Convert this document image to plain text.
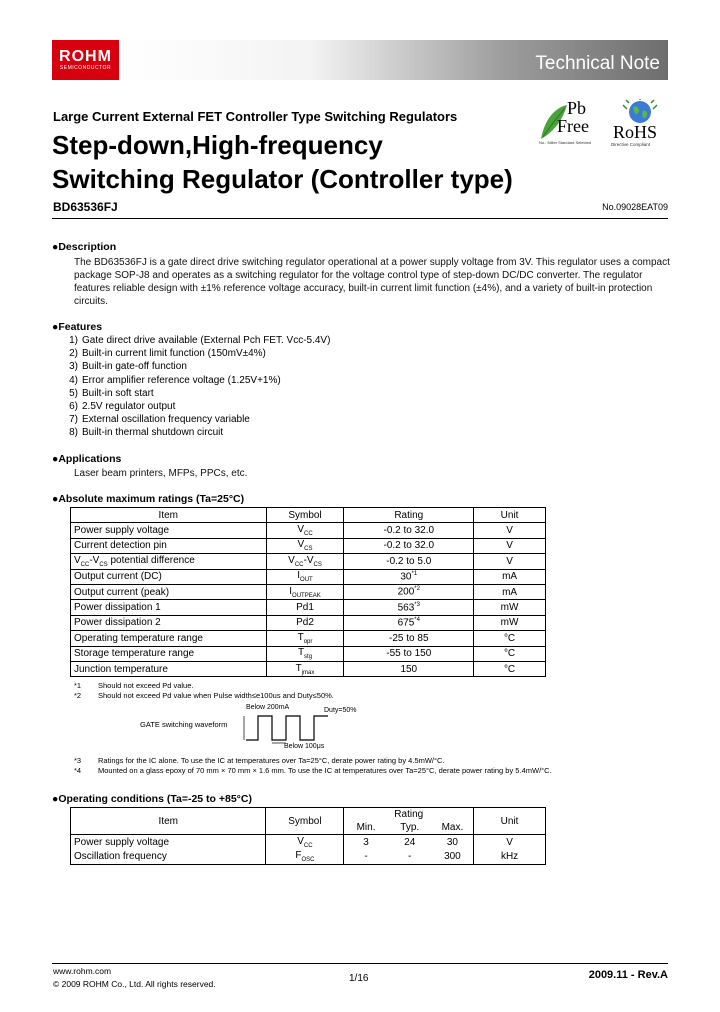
ROHM
SEMICONDUCTOR	Technical Note
Large Current External FET Controller Type Switching Regulators
Step-down,High-frequency
Switching Regulator (Controller type)
Pb
Free
No.: Miller Standard Selected
RoHS
Directive Compliant
BD63536FJ	No.09028EAT09
●Description
The BD63536FJ is a gate direct drive switching regulator operational at a power supply voltage from 3V. This regulator uses a compact package SOP-J8 and operates as a switching regulator for the voltage control type of step-down DC/DC converter. The regulator features reliable design with ±1% reference voltage accuracy, built-in current limit function (±4%), and a variety of built-in protection circuits.
●Features
1) Gate direct drive available (External Pch FET. Vcc-5.4V)
2) Built-in current limit function (150mV±4%)
3) Built-in gate-off function
4) Error amplifier reference voltage (1.25V+1%)
5) Built-in soft start
6) 2.5V regulator output
7) External oscillation frequency variable
8) Built-in thermal shutdown circuit
●Applications
Laser beam printers, MFPs, PPCs, etc.
●Absolute maximum ratings (Ta=25°C)
Item	Symbol	Rating	Unit
Power supply voltage	$V_{CC}$	-0.2 to 32.0	V
Current detection pin	$V_{CS}$	-0.2 to 32.0	V
$V_{CC}-V_{CS}$ potential difference	$V_{CC}-V_{CS}$	-0.2 to 5.0	V
Output current (DC)	$I_{OUT}$	30$^{*1}$	mA
Output current (peak)	$I_{OUTPEAK}$	200$^{*2}$	mA
Power dissipation 1	Pd1	563$^{*3}$	mW
Power dissipation 2	Pd2	675$^{*4}$	mW
Operating temperature range	$T_{opr}$	-25 to 85	°C
Storage temperature range	$T_{stg}$	-55 to 150	°C
Junction temperature	$T_{jmax}$	150	°C
*1 Should not exceed Pd value.
*2 Should not exceed Pd value when Pulse width≤e100us and Duty≤50%.
GATE switching waveform
Below 200mA	Duty=50%
Below 100μs
*3 Ratings for the IC alone. To use the IC at temperatures over Ta=25°C, derate power rating by 4.5mW/°C.
*4 Mounted on a glass epoxy of 70 mm × 70 mm × 1.6 mm. To use the IC at temperatures over Ta=25°C, derate power rating by 5.4mW/°C.
●Operating conditions (Ta=-25 to +85°C)
Item	Symbol	Rating			Unit
		Min.	Typ.	Max.	
Power supply voltage	$V_{CC}$	3	24	30	V
Oscillation frequency	$F_{OSC}$	-	-	300	kHz
www.rohm.com
© 2009 ROHM Co., Ltd. All rights reserved.	1/16	2009.11 - Rev.A
